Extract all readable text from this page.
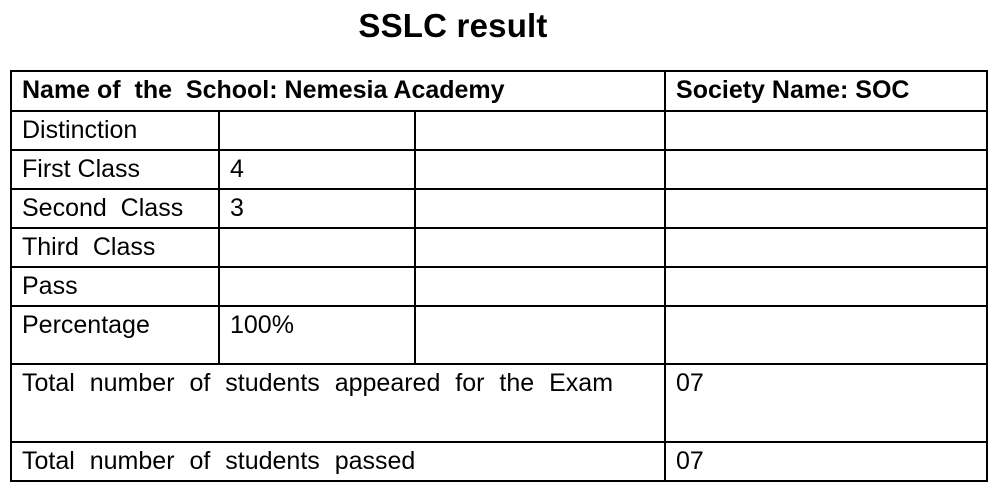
SSLC result
Name of  the  School: Nemesia Academy			Society Name: SOC
Distinction			
First Class	4		
Second  Class	3		
Third  Class			
Pass			
Percentage	100%		
Total number of students appeared for the Exam			07
Total number of students passed			07
